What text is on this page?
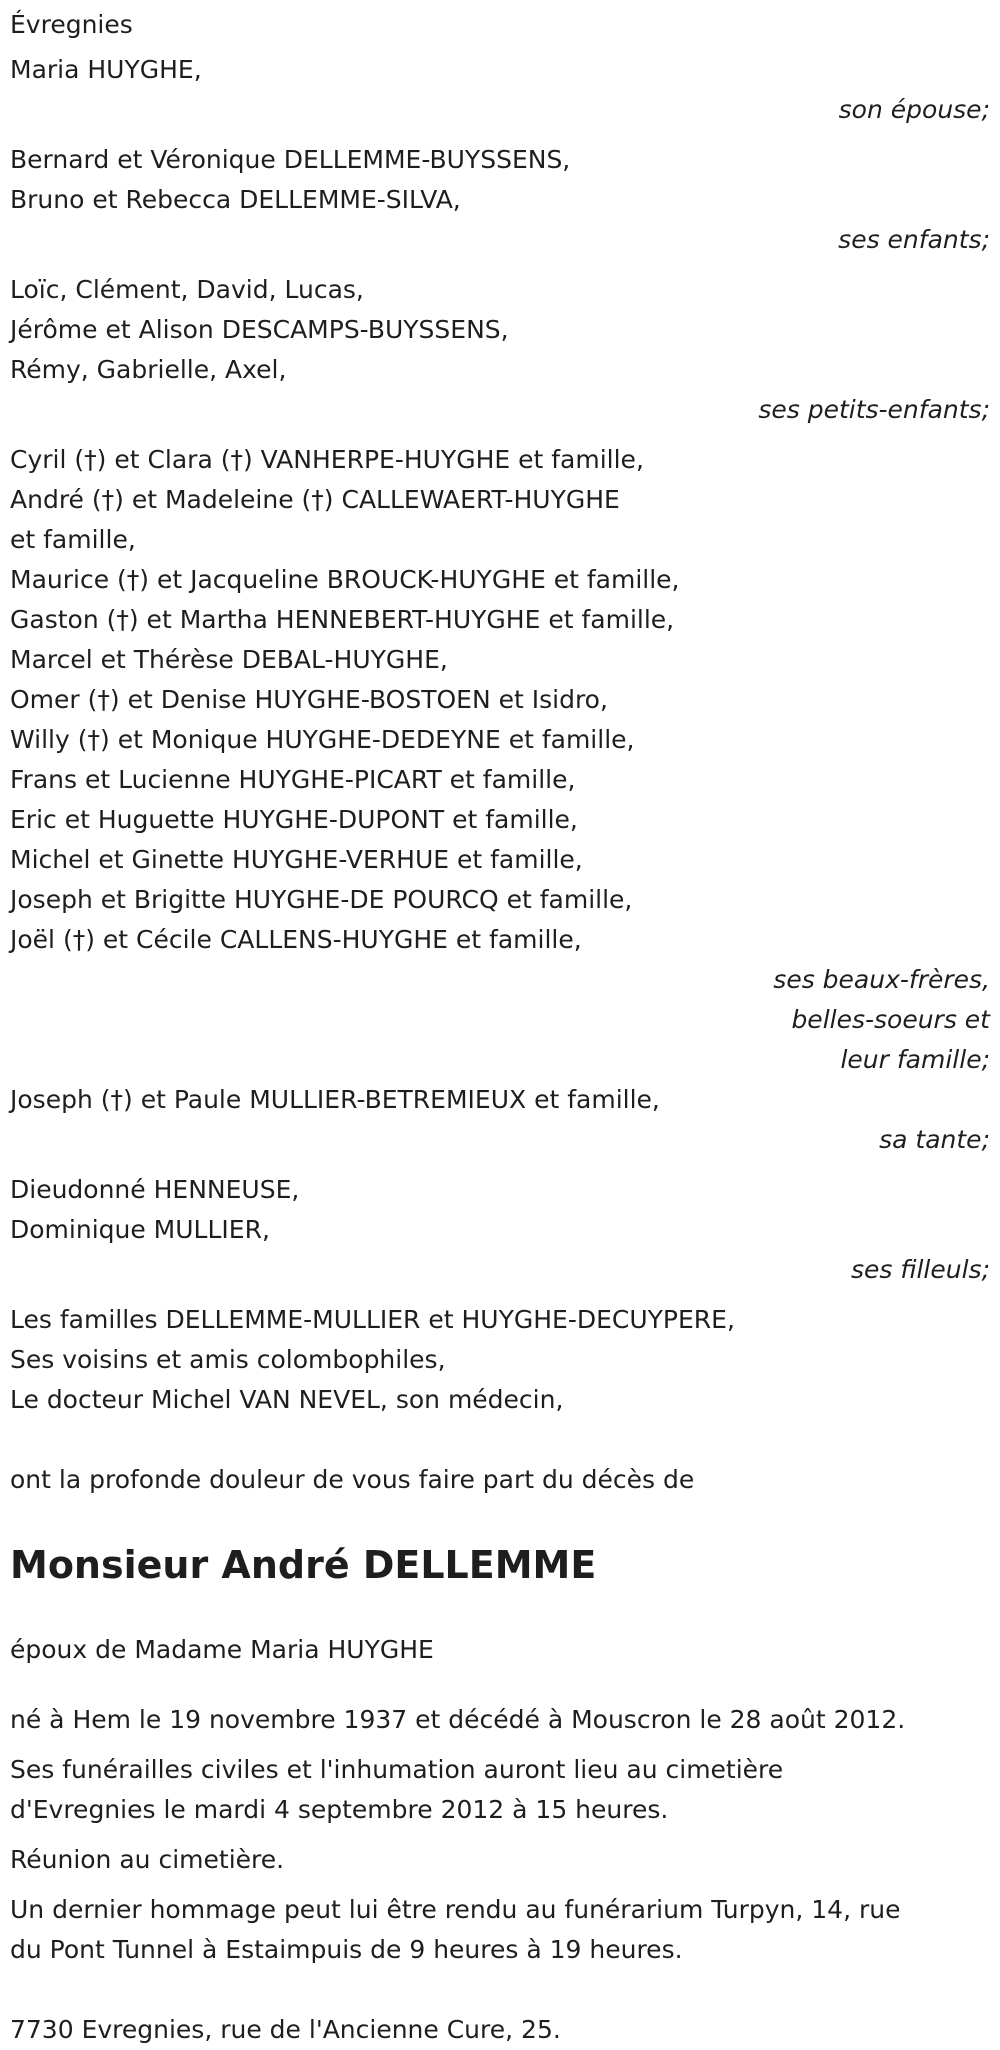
Évregnies
Maria HUYGHE,
son épouse;
Bernard et Véronique DELLEMME-BUYSSENS,
Bruno et Rebecca DELLEMME-SILVA,
ses enfants;
Loïc, Clément, David, Lucas,
Jérôme et Alison DESCAMPS-BUYSSENS,
Rémy, Gabrielle, Axel,
ses petits-enfants;
Cyril (†) et Clara (†) VANHERPE-HUYGHE et famille,
André (†) et Madeleine (†) CALLEWAERT-HUYGHE
et famille,
Maurice (†) et Jacqueline BROUCK-HUYGHE et famille,
Gaston (†) et Martha HENNEBERT-HUYGHE et famille,
Marcel et Thérèse DEBAL-HUYGHE,
Omer (†) et Denise HUYGHE-BOSTOEN et Isidro,
Willy (†) et Monique HUYGHE-DEDEYNE et famille,
Frans et Lucienne HUYGHE-PICART et famille,
Eric et Huguette HUYGHE-DUPONT et famille,
Michel et Ginette HUYGHE-VERHUE et famille,
Joseph et Brigitte HUYGHE-DE POURCQ et famille,
Joël (†) et Cécile CALLENS-HUYGHE et famille,
ses beaux-frères,
belles-soeurs et
leur famille;
Joseph (†) et Paule MULLIER-BETREMIEUX et famille,
sa tante;
Dieudonné HENNEUSE,
Dominique MULLIER,
ses filleuls;
Les familles DELLEMME-MULLIER et HUYGHE-DECUYPERE,
Ses voisins et amis colombophiles,
Le docteur Michel VAN NEVEL, son médecin,
ont la profonde douleur de vous faire part du décès de
Monsieur André DELLEMME
époux de Madame Maria HUYGHE
né à Hem le 19 novembre 1937 et décédé à Mouscron le 28 août 2012.
Ses funérailles civiles et l'inhumation auront lieu au cimetière
d'Evregnies le mardi 4 septembre 2012 à 15 heures.
Réunion au cimetière.
Un dernier hommage peut lui être rendu au funérarium Turpyn, 14, rue
du Pont Tunnel à Estaimpuis de 9 heures à 19 heures.
7730 Evregnies, rue de l'Ancienne Cure, 25.
